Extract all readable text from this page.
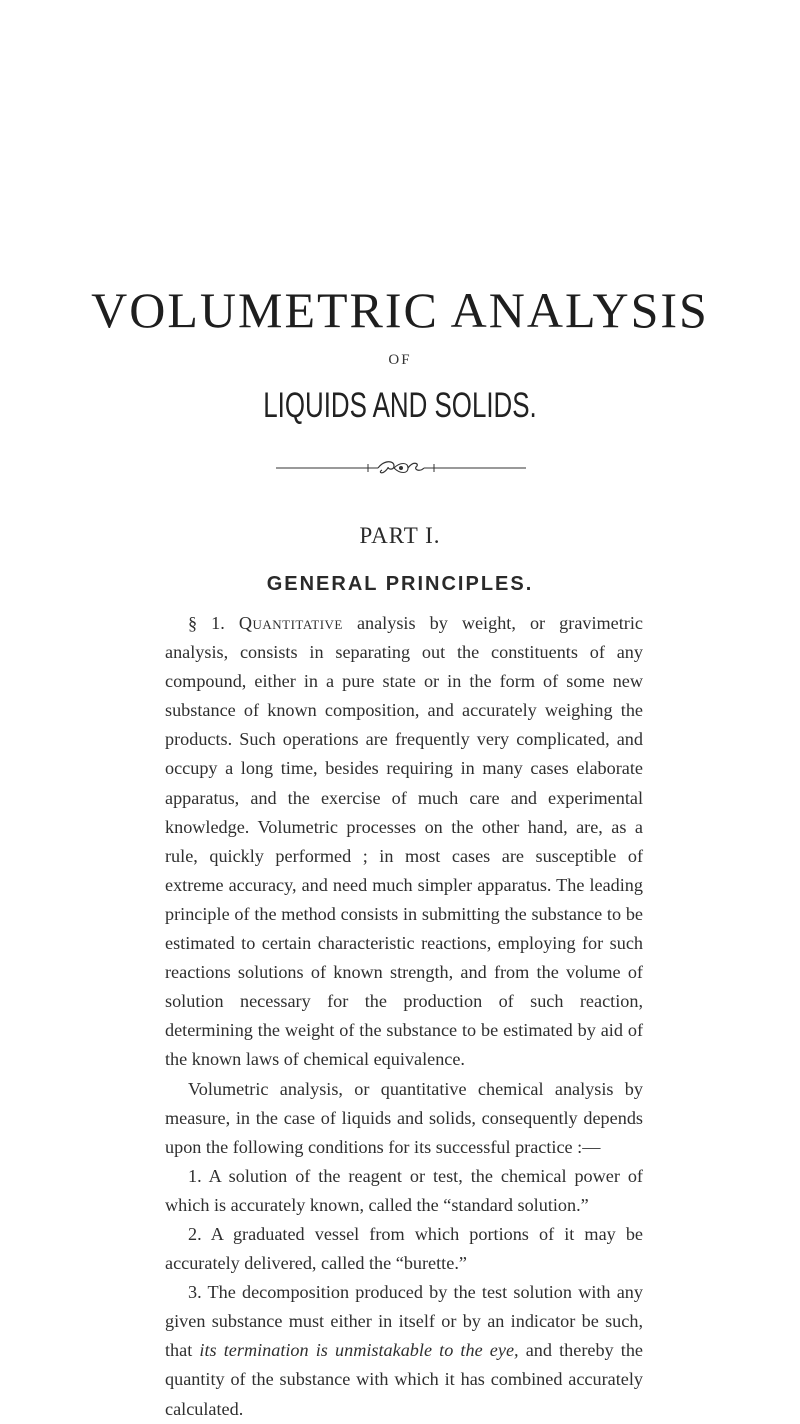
VOLUMETRIC ANALYSIS
OF
LIQUIDS AND SOLIDS.
PART I.
GENERAL PRINCIPLES.

§ 1. Quantitative analysis by weight, or gravimetric analysis, consists in separating out the constituents of any compound, either in a pure state or in the form of some new substance of known composition, and accurately weighing the products. Such operations are frequently very complicated, and occupy a long time, besides requiring in many cases elaborate apparatus, and the exercise of much care and experimental knowledge. Volumetric processes on the other hand, are, as a rule, quickly performed ; in most cases are susceptible of extreme accuracy, and need much simpler apparatus. The leading principle of the method consists in submitting the substance to be estimated to certain characteristic reactions, employing for such reactions solutions of known strength, and from the volume of solution necessary for the production of such reaction, determining the weight of the substance to be estimated by aid of the known laws of chemical equivalence.

Volumetric analysis, or quantitative chemical analysis by measure, in the case of liquids and solids, consequently depends upon the following conditions for its successful practice :—

1. A solution of the reagent or test, the chemical power of which is accurately known, called the “standard solution.”

2. A graduated vessel from which portions of it may be accurately delivered, called the “burette.”

3. The decomposition produced by the test solution with any given substance must either in itself or by an indicator be such, that its termination is unmistakable to the eye, and thereby the quantity of the substance with which it has combined accurately calculated.
